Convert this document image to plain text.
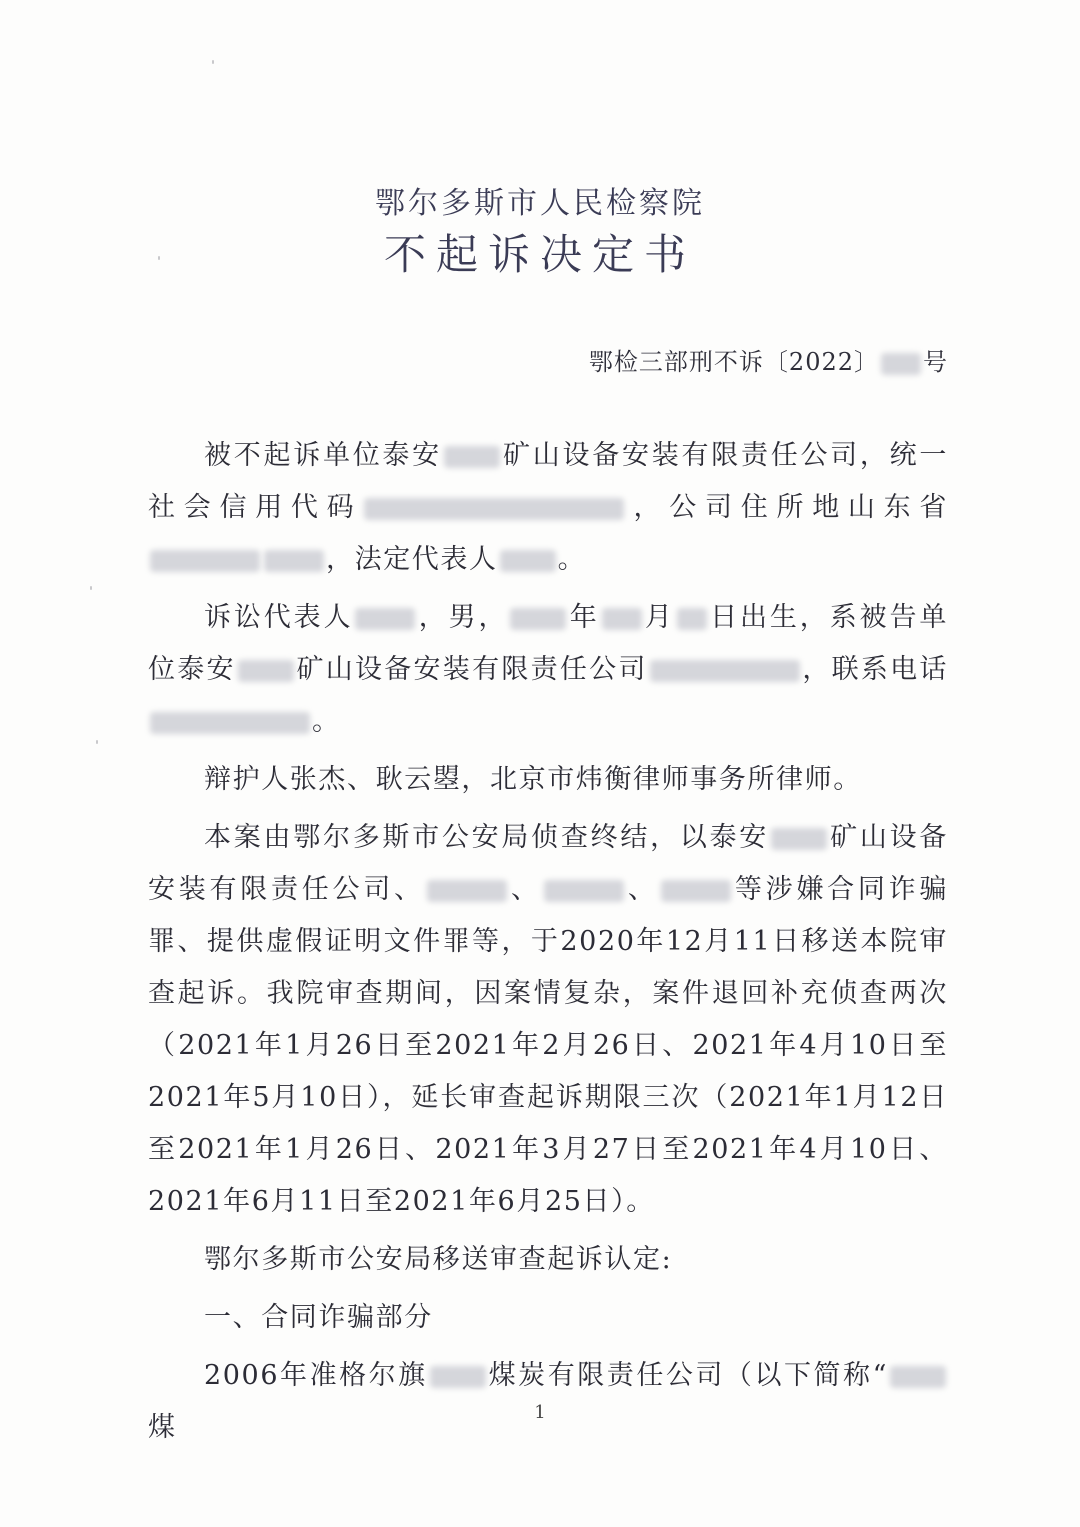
鄂尔多斯市人民检察院
不起诉决定书
鄂检三部刑不诉〔2022〕 号

被不起诉单位泰安 矿山设备安装有限责任公司，统一社会信用代码	，公司住所地山东省，法定代表人 。

诉讼代表人 ，男， 年 月 日出生，系被告单位泰安 矿山设备安装有限责任公司	，联系电话。

辩护人张杰、耿云曌，北京市炜衡律师事务所律师。

本案由鄂尔多斯市公安局侦查终结，以泰安 矿山设备安装有限责任公司、	、	、	等涉嫌合同诈骗罪、提供虚假证明文件罪等，于2020年12月11日移送本院审查起诉。我院审查期间，因案情复杂，案件退回补充侦查两次（2021年1月26日至2021年2月26日、2021年4月10日至2021年5月10日），延长审查起诉期限三次（2021年1月12日至2021年1月26日、2021年3月27日至2021年4月10日、2021年6月11日至2021年6月25日）。

鄂尔多斯市公安局移送审查起诉认定:

一、合同诈骗部分

2006年准格尔旗 煤炭有限责任公司（以下简称“煤	1
